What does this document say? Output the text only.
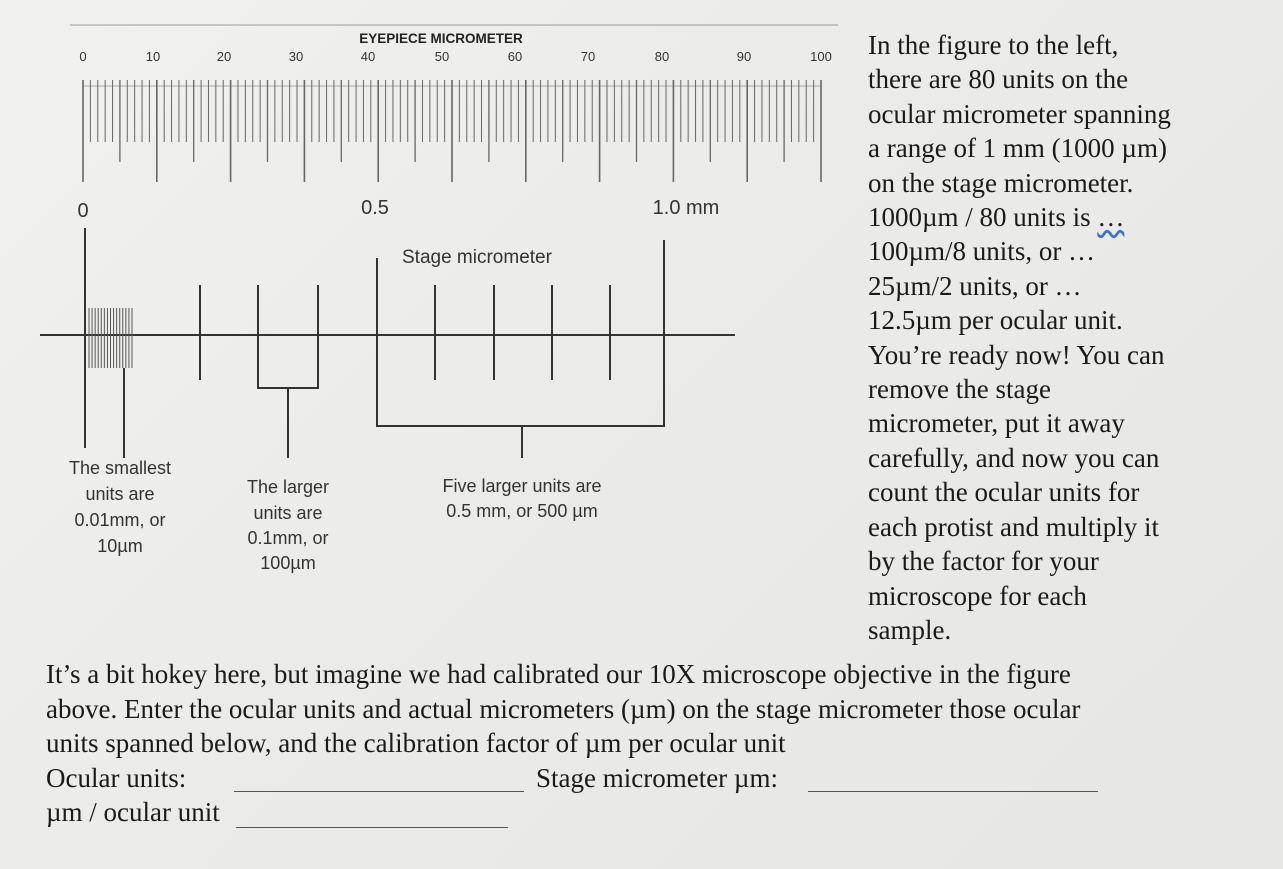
EYEPIECE MICROMETER
0	10	20	30	40	50	60	70	80	90	100
0	0.5	1.0 mm
Stage micrometer
The smallest
units are
0.01mm, or
10µm
The larger
units are
0.1mm, or
100µm
Five larger units are
0.5 mm, or 500 µm
In the figure to the left,
there are 80 units on the
ocular micrometer spanning
a range of 1 mm (1000 µm)
on the stage micrometer.
1000µm / 80 units is …
100µm/8 units, or …
25µm/2 units, or …
12.5µm per ocular unit.
You’re ready now! You can
remove the stage
micrometer, put it away
carefully, and now you can
count the ocular units for
each protist and multiply it
by the factor for your
microscope for each
sample.
It’s a bit hokey here, but imagine we had calibrated our 10X microscope objective in the figure
above. Enter the ocular units and actual micrometers (µm) on the stage micrometer those ocular
units spanned below, and the calibration factor of µm per ocular unit
Ocular units:	Stage micrometer µm:
µm / ocular unit
